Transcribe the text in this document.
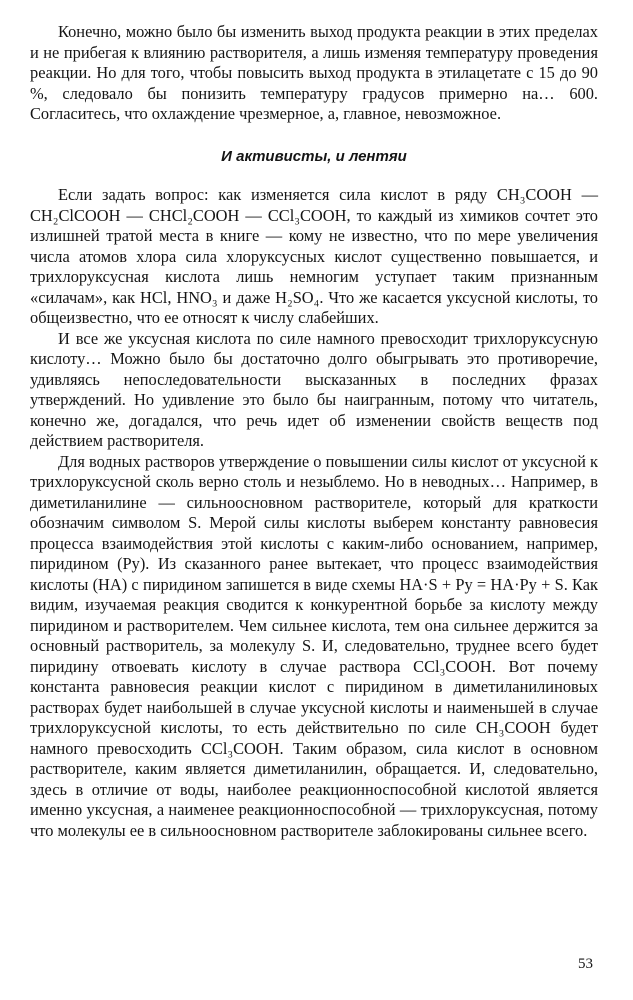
Конечно, можно было бы изменить выход продукта реакции в этих пределах и не прибегая к влиянию растворителя, а лишь изменяя температуру проведения реакции. Но для того, чтобы повысить выход продукта в этилацетате с 15 до 90 %, следовало бы понизить температуру градусов примерно на… 600. Согласитесь, что охлаждение чрезмерное, а, главное, невозможное.

И активисты, и лентяи

Если задать вопрос: как изменяется сила кислот в ряду CH₃COOH — CH₂ClCOOH — CHCl₂COOH — CCl₃COOH, то каждый из химиков сочтет это излишней тратой места в книге — кому не известно, что по мере увеличения числа атомов хлора сила хлоруксусных кислот существенно повышается, и трихлоруксусная кислота лишь немногим уступает таким признанным «силачам», как HCl, HNO₃ и даже H₂SO₄. Что же касается уксусной кислоты, то общеизвестно, что ее относят к числу слабейших.

И все же уксусная кислота по силе намного превосходит трихлоруксусную кислоту… Можно было бы достаточно долго обыгрывать это противоречие, удивляясь непоследовательности высказанных в последних фразах утверждений. Но удивление это было бы наигранным, потому что читатель, конечно же, догадался, что речь идет об изменении свойств веществ под действием растворителя.

Для водных растворов утверждение о повышении силы кислот от уксусной к трихлоруксусной сколь верно столь и незыблемо. Но в неводных… Например, в диметиланилине — сильноосновном растворителе, который для краткости обозначим символом S. Мерой силы кислоты выберем константу равновесия процесса взаимодействия этой кислоты с каким-либо основанием, например, пиридином (Py). Из сказанного ранее вытекает, что процесс взаимодействия кислоты (HA) с пиридином запишется в виде схемы HA·S + Py = HA·Py + S. Как видим, изучаемая реакция сводится к конкурентной борьбе за кислоту между пиридином и растворителем. Чем сильнее кислота, тем она сильнее держится за основный растворитель, за молекулу S. И, следовательно, труднее всего будет пиридину отвоевать кислоту в случае раствора CCl₃COOH. Вот почему константа равновесия реакции кислот с пиридином в диметиланилиновых растворах будет наибольшей в случае уксусной кислоты и наименьшей в случае трихлоруксусной кислоты, то есть действительно по силе CH₃COOH будет намного превосходить CCl₃COOH. Таким образом, сила кислот в основном растворителе, каким является диметиланилин, обращается. И, следовательно, здесь в отличие от воды, наиболее реакционноспособной кислотой является именно уксусная, а наименее реакционноспособной — трихлоруксусная, потому что молекулы ее в сильноосновном растворителе заблокированы сильнее всего.

53
